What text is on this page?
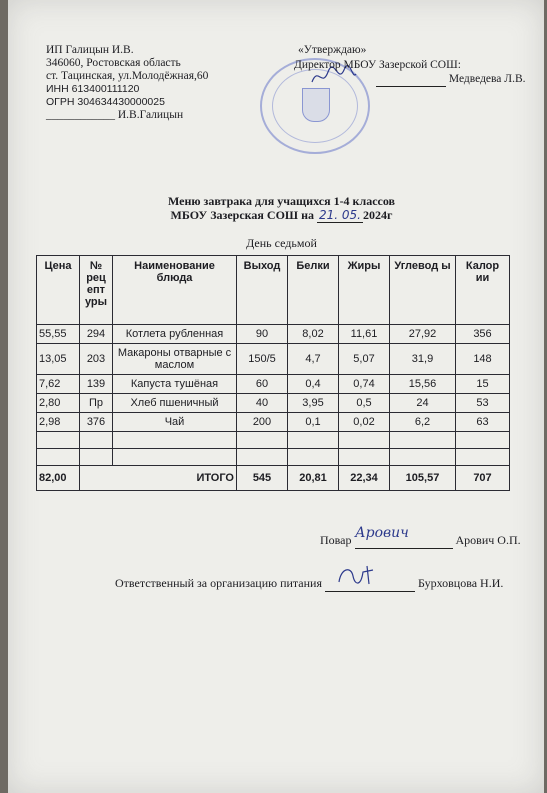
ИП Галицын И.В.
346060, Ростовская область
ст. Тацинская, ул.Молодёжная,60
ИНН 613400111120
ОГРН 304634430000025
____________ И.В.Галицын
«Утверждаю»
Директор МБОУ Зазерской СОШ:
Медведева Л.В.
Меню завтрака для учащихся 1-4 классов
МБОУ Зазерская СОШ на 21. 05. 2024г
День седьмой
Цена	№ рец епт уры	Наименование блюда	Выход	Белки	Жиры	Углевод ы	Калор ии
55,55	294	Котлета рубленная	90	8,02	11,61	27,92	356
13,05	203	Макароны отварные с маслом	150/5	4,7	5,07	31,9	148
7,62	139	Капуста тушёная	60	0,4	0,74	15,56	15
2,80	Пр	Хлеб пшеничный	40	3,95	0,5	24	53
2,98	376	Чай	200	0,1	0,02	6,2	63

82,00	ИТОГО		545	20,81	22,34	105,57	707
Повар	Арович О.П.
Арович
Ответственный за организацию питания	Бурховцова Н.И.
